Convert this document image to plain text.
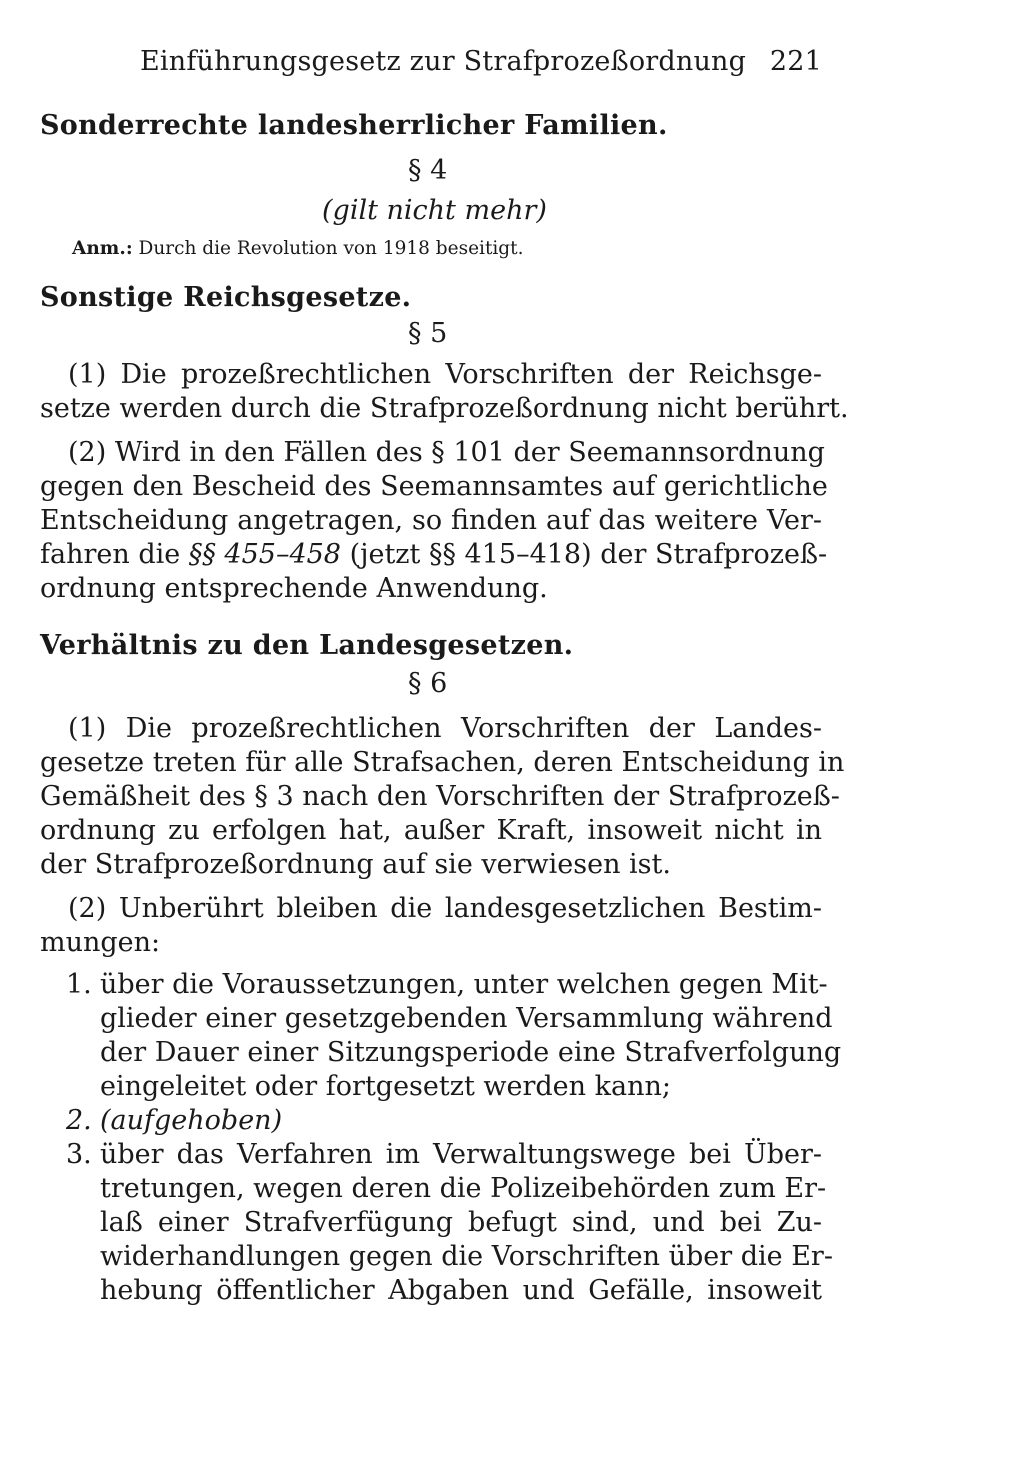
Einführungsgesetz zur Strafprozeßordnung 221
Sonderrechte landesherrlicher Familien.
§ 4
(gilt nicht mehr)
Anm.: Durch die Revolution von 1918 beseitigt.
Sonstige Reichsgesetze.
§ 5
(1) Die prozeßrechtlichen Vorschriften der Reichsge-
setze werden durch die Strafprozeßordnung nicht berührt.
(2) Wird in den Fällen des § 101 der Seemannsordnung
gegen den Bescheid des Seemannsamtes auf gerichtliche
Entscheidung angetragen, so finden auf das weitere Ver-
fahren die §§ 455–458 (jetzt §§ 415–418) der Strafprozeß-
ordnung entsprechende Anwendung.
Verhältnis zu den Landesgesetzen.
§ 6
(1) Die prozeßrechtlichen Vorschriften der Landes-
gesetze treten für alle Strafsachen, deren Entscheidung in
Gemäßheit des § 3 nach den Vorschriften der Strafprozeß-
ordnung zu erfolgen hat, außer Kraft, insoweit nicht in
der Strafprozeßordnung auf sie verwiesen ist.
(2) Unberührt bleiben die landesgesetzlichen Bestim-
mungen:
1. über die Voraussetzungen, unter welchen gegen Mit-
glieder einer gesetzgebenden Versammlung während
der Dauer einer Sitzungsperiode eine Strafverfolgung
eingeleitet oder fortgesetzt werden kann;
2. (aufgehoben)
3. über das Verfahren im Verwaltungswege bei Über-
tretungen, wegen deren die Polizeibehörden zum Er-
laß einer Strafverfügung befugt sind, und bei Zu-
widerhandlungen gegen die Vorschriften über die Er-
hebung öffentlicher Abgaben und Gefälle, insoweit
